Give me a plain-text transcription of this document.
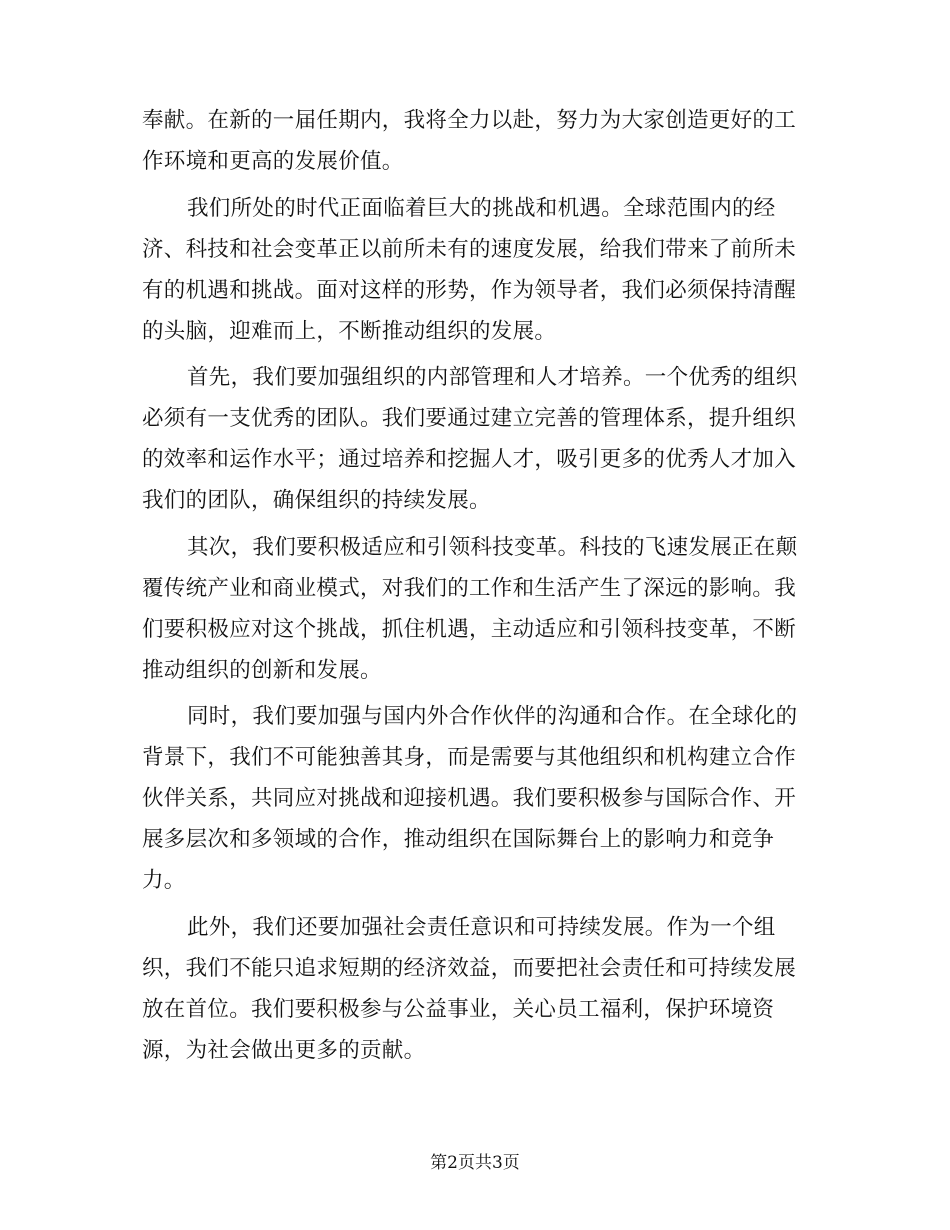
奉献。在新的一届任期内，我将全力以赴，努力为大家创造更好的工
作环境和更高的发展价值。
我们所处的时代正面临着巨大的挑战和机遇。全球范围内的经
济、科技和社会变革正以前所未有的速度发展，给我们带来了前所未
有的机遇和挑战。面对这样的形势，作为领导者，我们必须保持清醒
的头脑，迎难而上，不断推动组织的发展。
首先，我们要加强组织的内部管理和人才培养。一个优秀的组织
必须有一支优秀的团队。我们要通过建立完善的管理体系，提升组织
的效率和运作水平；通过培养和挖掘人才，吸引更多的优秀人才加入
我们的团队，确保组织的持续发展。
其次，我们要积极适应和引领科技变革。科技的飞速发展正在颠
覆传统产业和商业模式，对我们的工作和生活产生了深远的影响。我
们要积极应对这个挑战，抓住机遇，主动适应和引领科技变革，不断
推动组织的创新和发展。
同时，我们要加强与国内外合作伙伴的沟通和合作。在全球化的
背景下，我们不可能独善其身，而是需要与其他组织和机构建立合作
伙伴关系，共同应对挑战和迎接机遇。我们要积极参与国际合作、开
展多层次和多领域的合作，推动组织在国际舞台上的影响力和竞争
力。
此外，我们还要加强社会责任意识和可持续发展。作为一个组
织，我们不能只追求短期的经济效益，而要把社会责任和可持续发展
放在首位。我们要积极参与公益事业，关心员工福利，保护环境资
源，为社会做出更多的贡献。
第2页共3页
